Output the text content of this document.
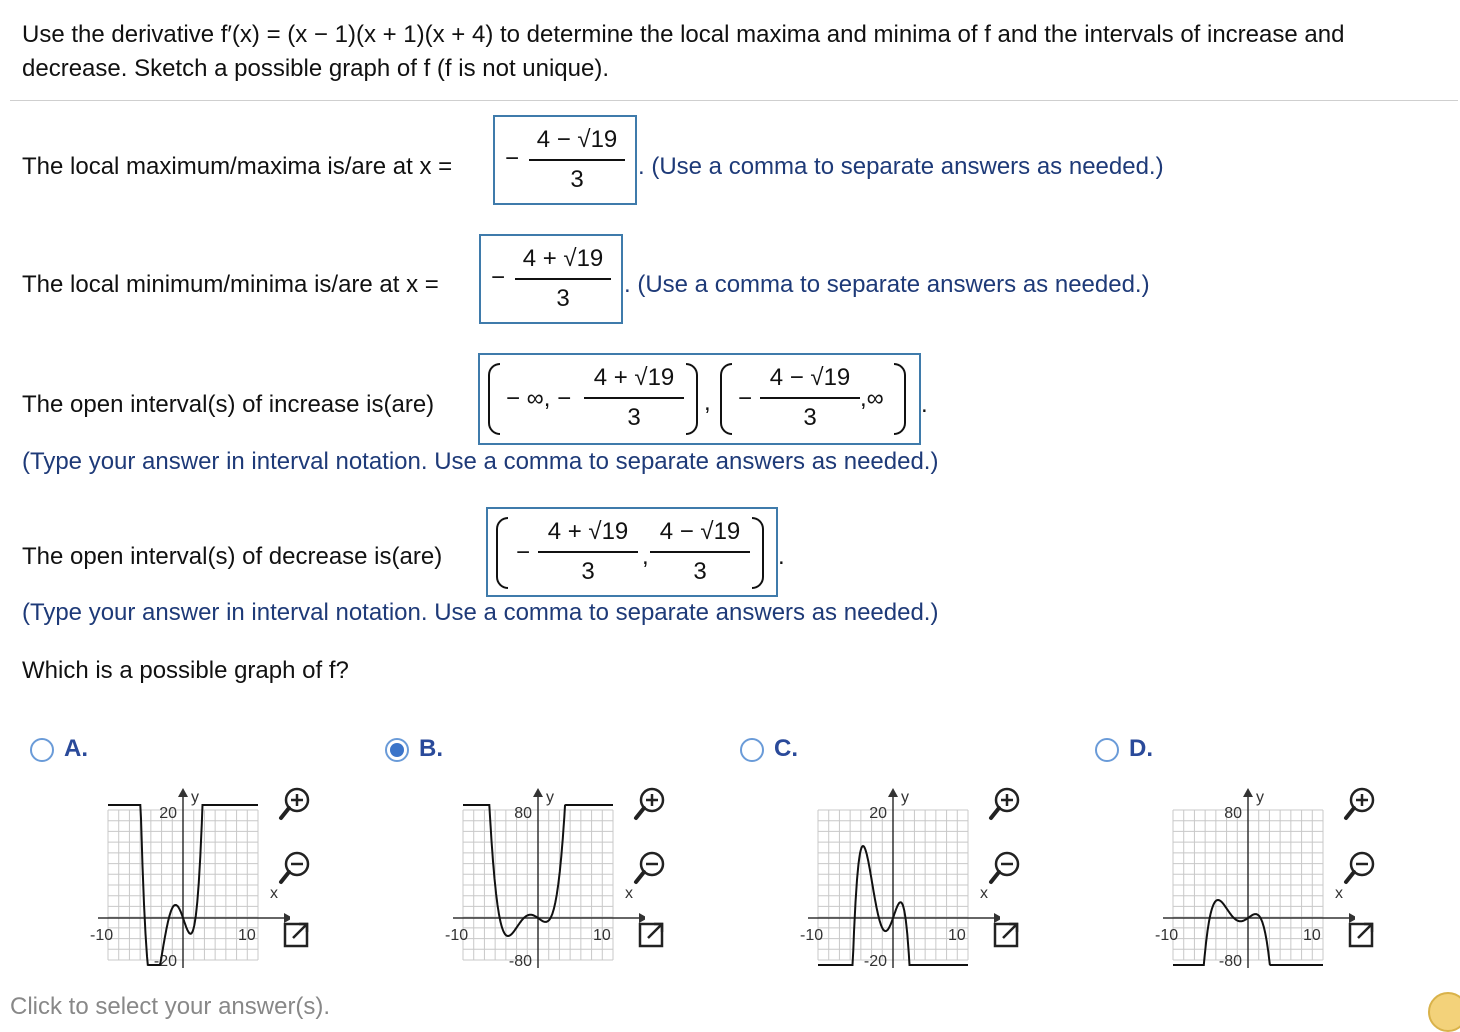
Use the derivative f′(x) = (x − 1)(x + 1)(x + 4) to determine the local maxima and minima of f and the intervals of increase and decrease. Sketch a possible graph of f (f is not unique).
The local maximum/maxima is/are at x = −
4 − √19
3 . (Use a comma to separate answers as needed.)
The local minimum/minima is/are at x = −
4 + √19
3
. (Use a comma to separate answers as needed.)
The open interval(s) of increase is(are)	− ∞, −
4 + √19
3
, −
4 − √19
3
,∞ .
(Type your answer in interval notation. Use a comma to separate answers as needed.)
The open interval(s) of decrease is(are)	−
4 + √19
3
,
4 − √19
3
.
(Type your answer in interval notation. Use a comma to separate answers as needed.)
Which is a possible graph of f?
A.
20
-20
-10	10
x
y
B.
80
-80
-10	10
x
y
C.
20
-20
-10	10
x
y
D.
80
-80
-10	10
x
y
Click to select your answer(s).
